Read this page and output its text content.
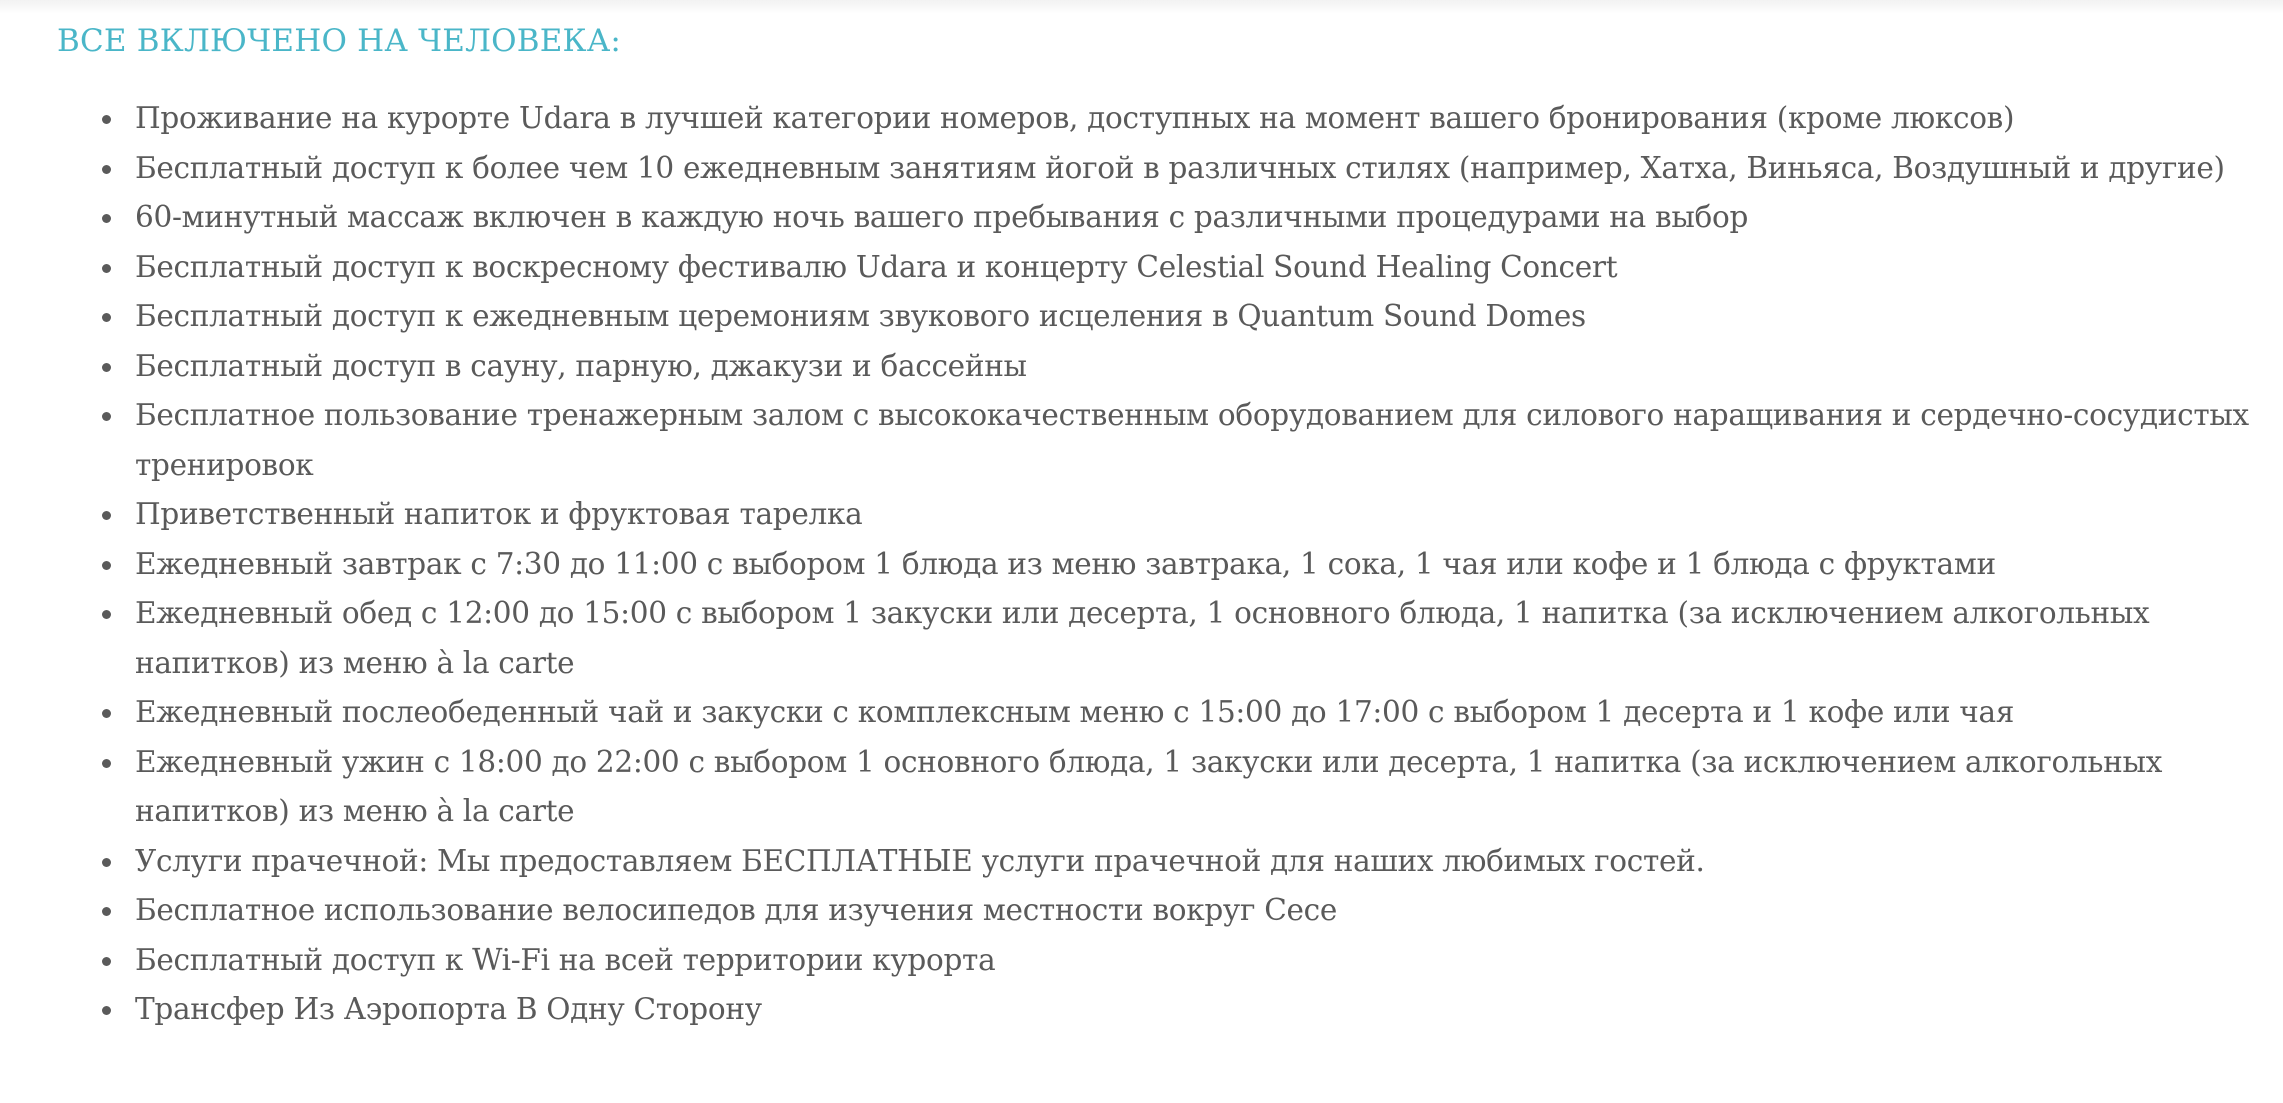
ВСЕ ВКЛЮЧЕНО НА ЧЕЛОВЕКА:
Проживание на курорте Udara в лучшей категории номеров, доступных на момент вашего бронирования (кроме люксов)
Бесплатный доступ к более чем 10 ежедневным занятиям йогой в различных стилях (например, Хатха, Виньяса, Воздушный и другие)
60-минутный массаж включен в каждую ночь вашего пребывания с различными процедурами на выбор
Бесплатный доступ к воскресному фестивалю Udara и концерту Celestial Sound Healing Concert
Бесплатный доступ к ежедневным церемониям звукового исцеления в Quantum Sound Domes
Бесплатный доступ в сауну, парную, джакузи и бассейны
Бесплатное пользование тренажерным залом с высококачественным оборудованием для силового наращивания и сердечно-сосудистых тренировок
Приветственный напиток и фруктовая тарелка
Ежедневный завтрак с 7:30 до 11:00 с выбором 1 блюда из меню завтрака, 1 сока, 1 чая или кофе и 1 блюда с фруктами
Ежедневный обед с 12:00 до 15:00 с выбором 1 закуски или десерта, 1 основного блюда, 1 напитка (за исключением алкогольных напитков) из меню à la carte
Ежедневный послеобеденный чай и закуски с комплексным меню с 15:00 до 17:00 с выбором 1 десерта и 1 кофе или чая
Ежедневный ужин с 18:00 до 22:00 с выбором 1 основного блюда, 1 закуски или десерта, 1 напитка (за исключением алкогольных напитков) из меню à la carte
Услуги прачечной: Мы предоставляем БЕСПЛАТНЫЕ услуги прачечной для наших любимых гостей.
Бесплатное использование велосипедов для изучения местности вокруг Cece
Бесплатный доступ к Wi-Fi на всей территории курорта
Трансфер Из Аэропорта В Одну Сторону
